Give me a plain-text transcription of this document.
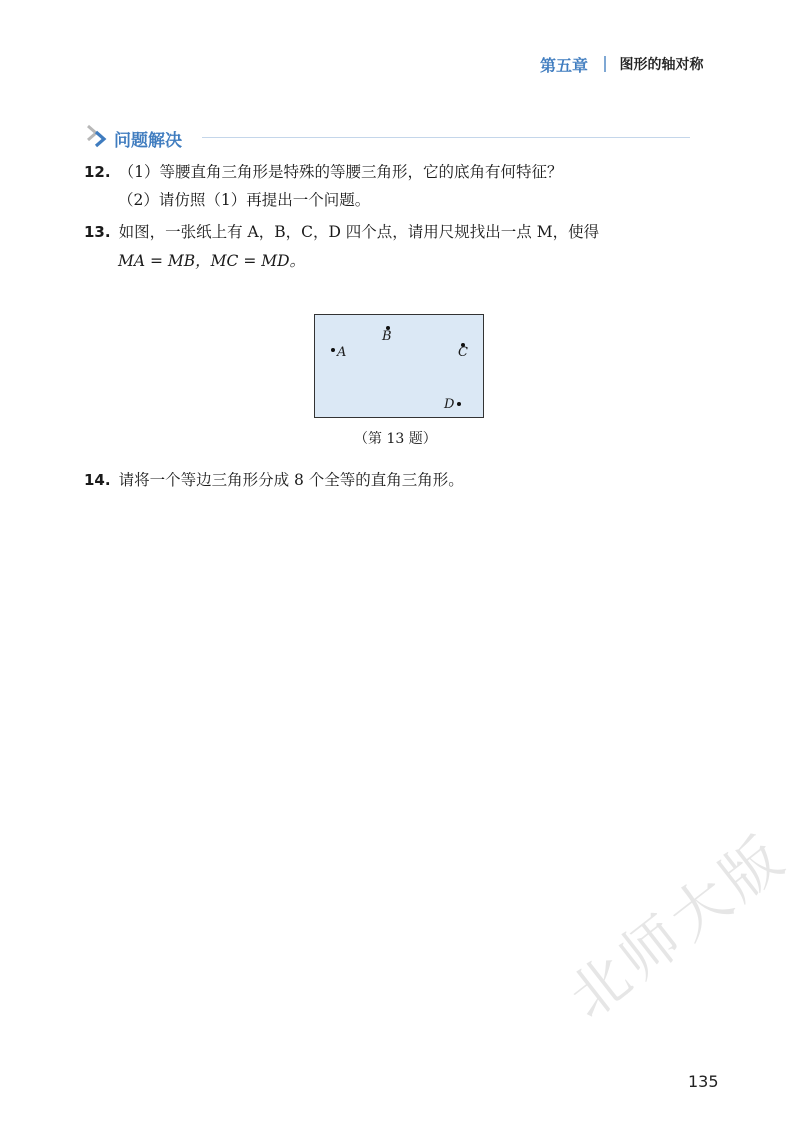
第五章 图形的轴对称
问题解决
12. （1）等腰直角三角形是特殊的等腰三角形，它的底角有何特征？
（2）请仿照（1）再提出一个问题。
13. 如图，一张纸上有 A，B，C，D 四个点，请用尺规找出一点 M，使得
MA = MB，MC = MD。
A
B
C
D
（第 13 题）
14. 请将一个等边三角形分成 8 个全等的直角三角形。
北师大版
135
